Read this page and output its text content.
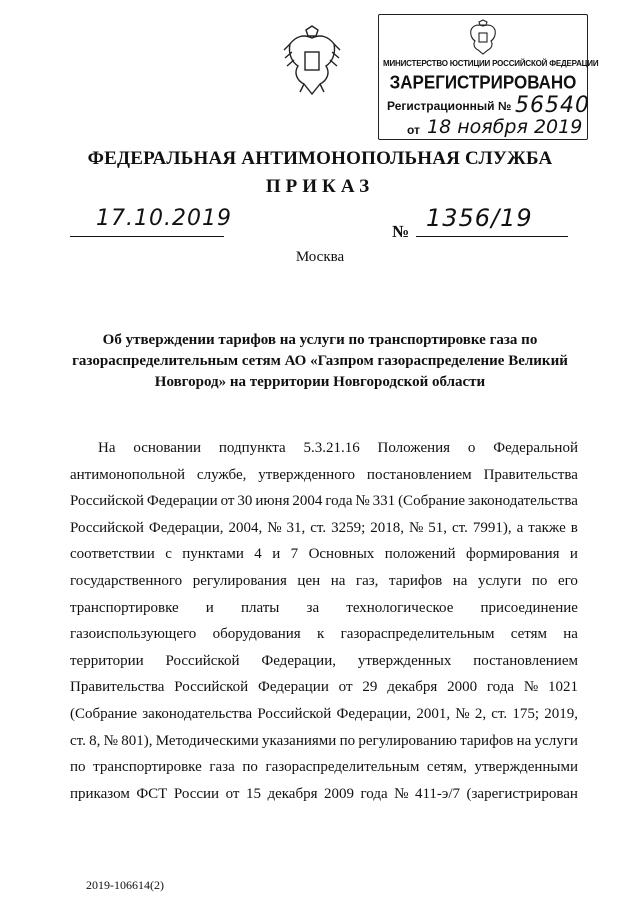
МИНИСТЕРСТВО ЮСТИЦИИ РОССИЙСКОЙ ФЕДЕРАЦИИ
ЗАРЕГИСТРИРОВАНО
Регистрационный № 56540
от 18 ноября 2019
ФЕДЕРАЛЬНАЯ АНТИМОНОПОЛЬНАЯ СЛУЖБА
ПРИКАЗ
17.10.2019
№ 1356/19
Москва
Об утверждении тарифов на услуги по транспортировке газа по
газораспределительным сетям АО «Газпром газораспределение Великий
Новгород» на территории Новгородской области
На основании подпункта 5.3.21.16 Положения о Федеральной
антимонопольной службе, утвержденного постановлением Правительства
Российской Федерации от 30 июня 2004 года № 331 (Собрание законодательства
Российской Федерации, 2004, № 31, ст. 3259; 2018, № 51, ст. 7991), а также в
соответствии с пунктами 4 и 7 Основных положений формирования и
государственного регулирования цен на газ, тарифов на услуги по его
транспортировке и платы за технологическое присоединение
газоиспользующего оборудования к газораспределительным сетям на
территории Российской Федерации, утвержденных постановлением
Правительства Российской Федерации от 29 декабря 2000 года № 1021
(Собрание законодательства Российской Федерации, 2001, № 2, ст. 175; 2019,
ст. 8, № 801), Методическими указаниями по регулированию тарифов на услуги
по транспортировке газа по газораспределительным сетям, утвержденными
приказом ФСТ России от 15 декабря 2009 года № 411-э/7 (зарегистрирован
2019-106614(2)
